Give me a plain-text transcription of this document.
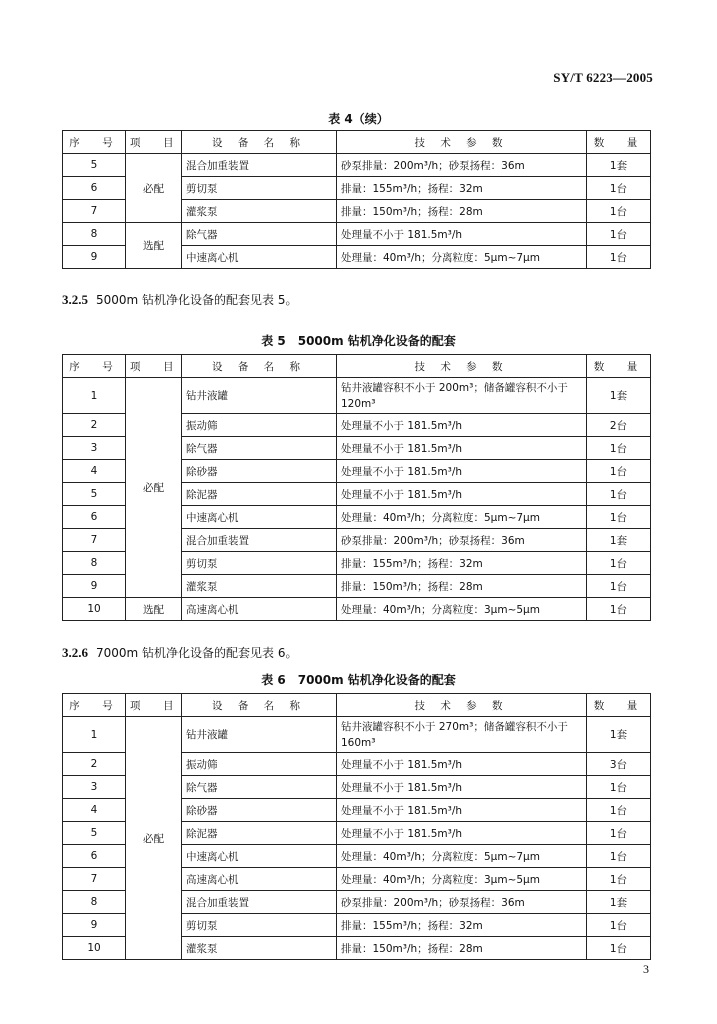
SY/T 6223—2005
表 4（续）
序　号	项　目	设 备 名 称	技 术 参 数	数　量
5	必配	混合加重装置	砂泵排量：200m³/h；砂泵扬程：36m	1套
6		剪切泵	排量：155m³/h；扬程：32m	1台
7		灌浆泵	排量：150m³/h；扬程：28m	1台
8	选配	除气器	处理量不小于 181.5m³/h	1台
9		中速离心机	处理量：40m³/h；分离粒度：5μm~7μm	1台
3.2.5 5000m 钻机净化设备的配套见表 5。
表 5　5000m 钻机净化设备的配套
序　号	项　目	设 备 名 称	技 术 参 数	数　量
1	必配	钻井液罐	钻井液罐容积不小于 200m³；储备罐容积不小于 120m³	1套
2		振动筛	处理量不小于 181.5m³/h	2台
3		除气器	处理量不小于 181.5m³/h	1台
4		除砂器	处理量不小于 181.5m³/h	1台
5		除泥器	处理量不小于 181.5m³/h	1台
6		中速离心机	处理量：40m³/h；分离粒度：5μm~7μm	1台
7		混合加重装置	砂泵排量：200m³/h；砂泵扬程：36m	1套
8		剪切泵	排量：155m³/h；扬程：32m	1台
9		灌浆泵	排量：150m³/h；扬程：28m	1台
10	选配	高速离心机	处理量：40m³/h；分离粒度：3μm~5μm	1台
3.2.6 7000m 钻机净化设备的配套见表 6。
表 6　7000m 钻机净化设备的配套
序　号	项　目	设 备 名 称	技 术 参 数	数　量
1	必配	钻井液罐	钻井液罐容积不小于 270m³；储备罐容积不小于 160m³	1套
2		振动筛	处理量不小于 181.5m³/h	3台
3		除气器	处理量不小于 181.5m³/h	1台
4		除砂器	处理量不小于 181.5m³/h	1台
5		除泥器	处理量不小于 181.5m³/h	1台
6		中速离心机	处理量：40m³/h；分离粒度：5μm~7μm	1台
7		高速离心机	处理量：40m³/h；分离粒度：3μm~5μm	1台
8		混合加重装置	砂泵排量：200m³/h；砂泵扬程：36m	1套
9		剪切泵	排量：155m³/h；扬程：32m	1台
10		灌浆泵	排量：150m³/h；扬程：28m	1台
3
